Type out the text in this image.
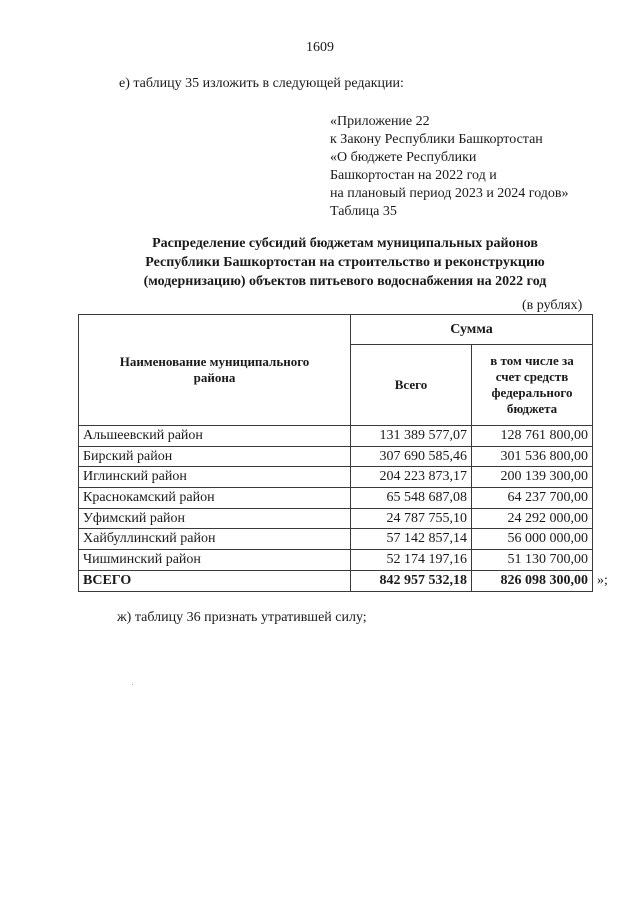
1609
е) таблицу 35 изложить в следующей редакции:
«Приложение 22
к Закону Республики Башкортостан
«О бюджете Республики
Башкортостан на 2022 год и
на плановый период 2023 и 2024 годов»
Таблица 35
Распределение субсидий бюджетам муниципальных районов
Республики Башкортостан на строительство и реконструкцию
(модернизацию) объектов питьевого водоснабжения на 2022 год
(в рублях)
Наименование муниципального района	Сумма	
	Всего	в том числе за счет средств федерального бюджета

Альшеевский район	131 389 577,07	128 761 800,00
Бирский район	307 690 585,46	301 536 800,00
Иглинский район	204 223 873,17	200 139 300,00
Краснокамский район	65 548 687,08	64 237 700,00
Уфимский район	24 787 755,10	24 292 000,00
Хайбуллинский район	57 142 857,14	56 000 000,00
Чишминский район	52 174 197,16	51 130 700,00
ВСЕГО	842 957 532,18	826 098 300,00 »;
ж) таблицу 36 признать утратившей силу;
